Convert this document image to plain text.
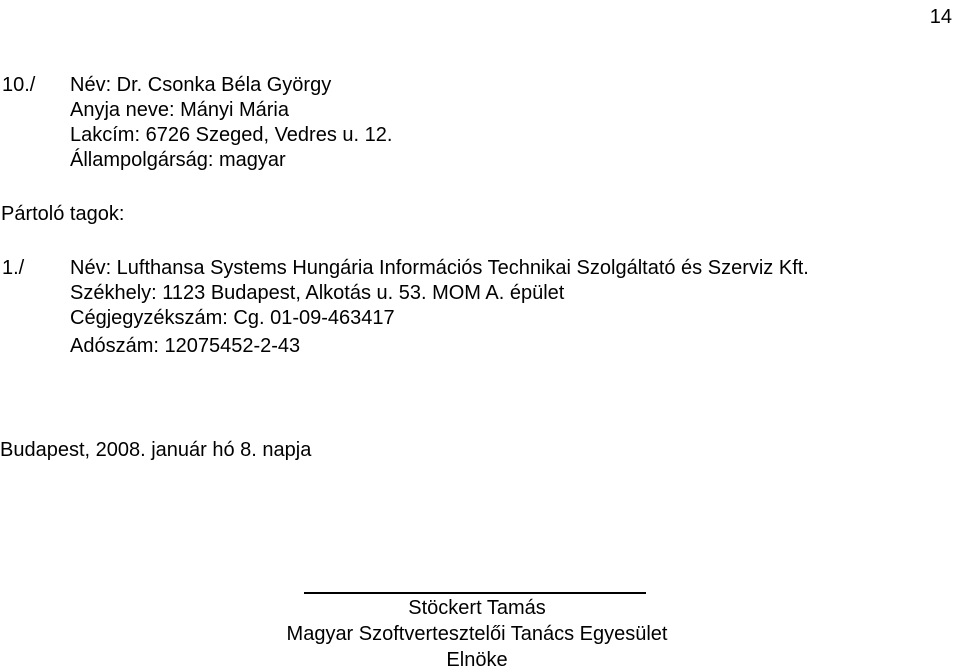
14

10./ Név: Dr. Csonka Béla György

Anyja neve: Mányi Mária

Lakcím: 6726 Szeged, Vedres u. 12.

Állampolgárság: magyar

Pártoló tagok:

1./ Név: Lufthansa Systems Hungária Információs Technikai Szolgáltató és Szerviz Kft.

Székhely: 1123 Budapest, Alkotás u. 53. MOM A. épület

Cégjegyzékszám: Cg. 01-09-463417

Adószám: 12075452-2-43

Budapest, 2008. január hó 8. napja

Stöckert Tamás

Magyar Szoftvertesztelői Tanács Egyesület

Elnöke
